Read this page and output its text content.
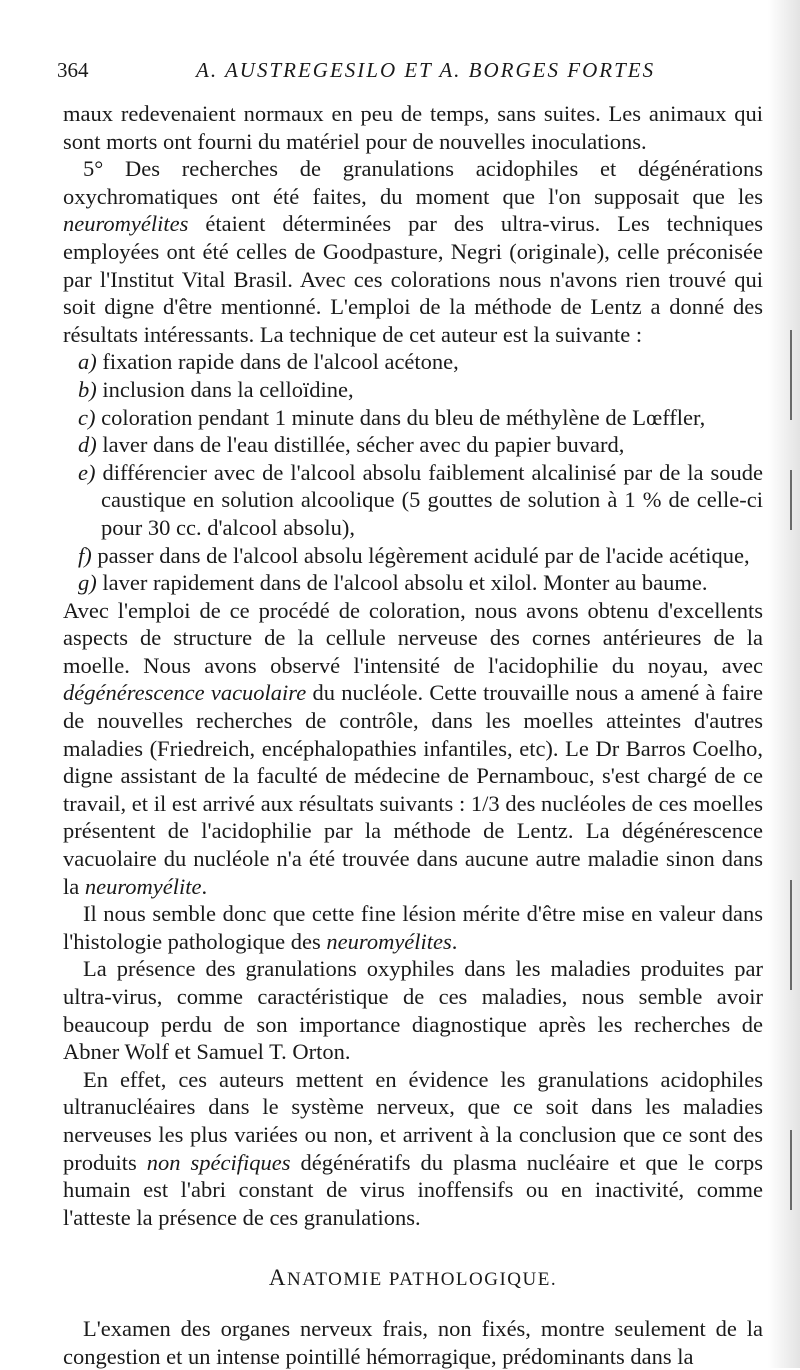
364	A. AUSTREGESILO ET A. BORGES FORTES

maux redevenaient normaux en peu de temps, sans suites. Les animaux qui sont morts ont fourni du matériel pour de nouvelles inoculations.

5° Des recherches de granulations acidophiles et dégénérations oxychromatiques ont été faites, du moment que l'on supposait que les neuromyélites étaient déterminées par des ultra-virus. Les techniques employées ont été celles de Goodpasture, Negri (originale), celle préconisée par l'Institut Vital Brasil. Avec ces colorations nous n'avons rien trouvé qui soit digne d'être mentionné. L'emploi de la méthode de Lentz a donné des résultats intéressants. La technique de cet auteur est la suivante :

a) fixation rapide dans de l'alcool acétone,

b) inclusion dans la celloïdine,

c) coloration pendant 1 minute dans du bleu de méthylène de Lœffler,

d) laver dans de l'eau distillée, sécher avec du papier buvard,

e) différencier avec de l'alcool absolu faiblement alcalinisé par de la soude caustique en solution alcoolique (5 gouttes de solution à 1 % de celle-ci pour 30 cc. d'alcool absolu),

f) passer dans de l'alcool absolu légèrement acidulé par de l'acide acétique,

g) laver rapidement dans de l'alcool absolu et xilol. Monter au baume.

Avec l'emploi de ce procédé de coloration, nous avons obtenu d'excellents aspects de structure de la cellule nerveuse des cornes antérieures de la moelle. Nous avons observé l'intensité de l'acidophilie du noyau, avec dégénérescence vacuolaire du nucléole. Cette trouvaille nous a amené à faire de nouvelles recherches de contrôle, dans les moelles atteintes d'autres maladies (Friedreich, encéphalopathies infantiles, etc). Le Dr Barros Coelho, digne assistant de la faculté de médecine de Pernambouc, s'est chargé de ce travail, et il est arrivé aux résultats suivants : 1/3 des nucléoles de ces moelles présentent de l'acidophilie par la méthode de Lentz. La dégénérescence vacuolaire du nucléole n'a été trouvée dans aucune autre maladie sinon dans la neuromyélite.

Il nous semble donc que cette fine lésion mérite d'être mise en valeur dans l'histologie pathologique des neuromyélites.

La présence des granulations oxyphiles dans les maladies produites par ultra-virus, comme caractéristique de ces maladies, nous semble avoir beaucoup perdu de son importance diagnostique après les recherches de Abner Wolf et Samuel T. Orton.

En effet, ces auteurs mettent en évidence les granulations acidophiles ultranucléaires dans le système nerveux, que ce soit dans les maladies nerveuses les plus variées ou non, et arrivent à la conclusion que ce sont des produits non spécifiques dégénératifs du plasma nucléaire et que le corps humain est l'abri constant de virus inoffensifs ou en inactivité, comme l'atteste la présence de ces granulations.

ANATOMIE PATHOLOGIQUE.

L'examen des organes nerveux frais, non fixés, montre seulement de la congestion et un intense pointillé hémorragique, prédominants dans la
